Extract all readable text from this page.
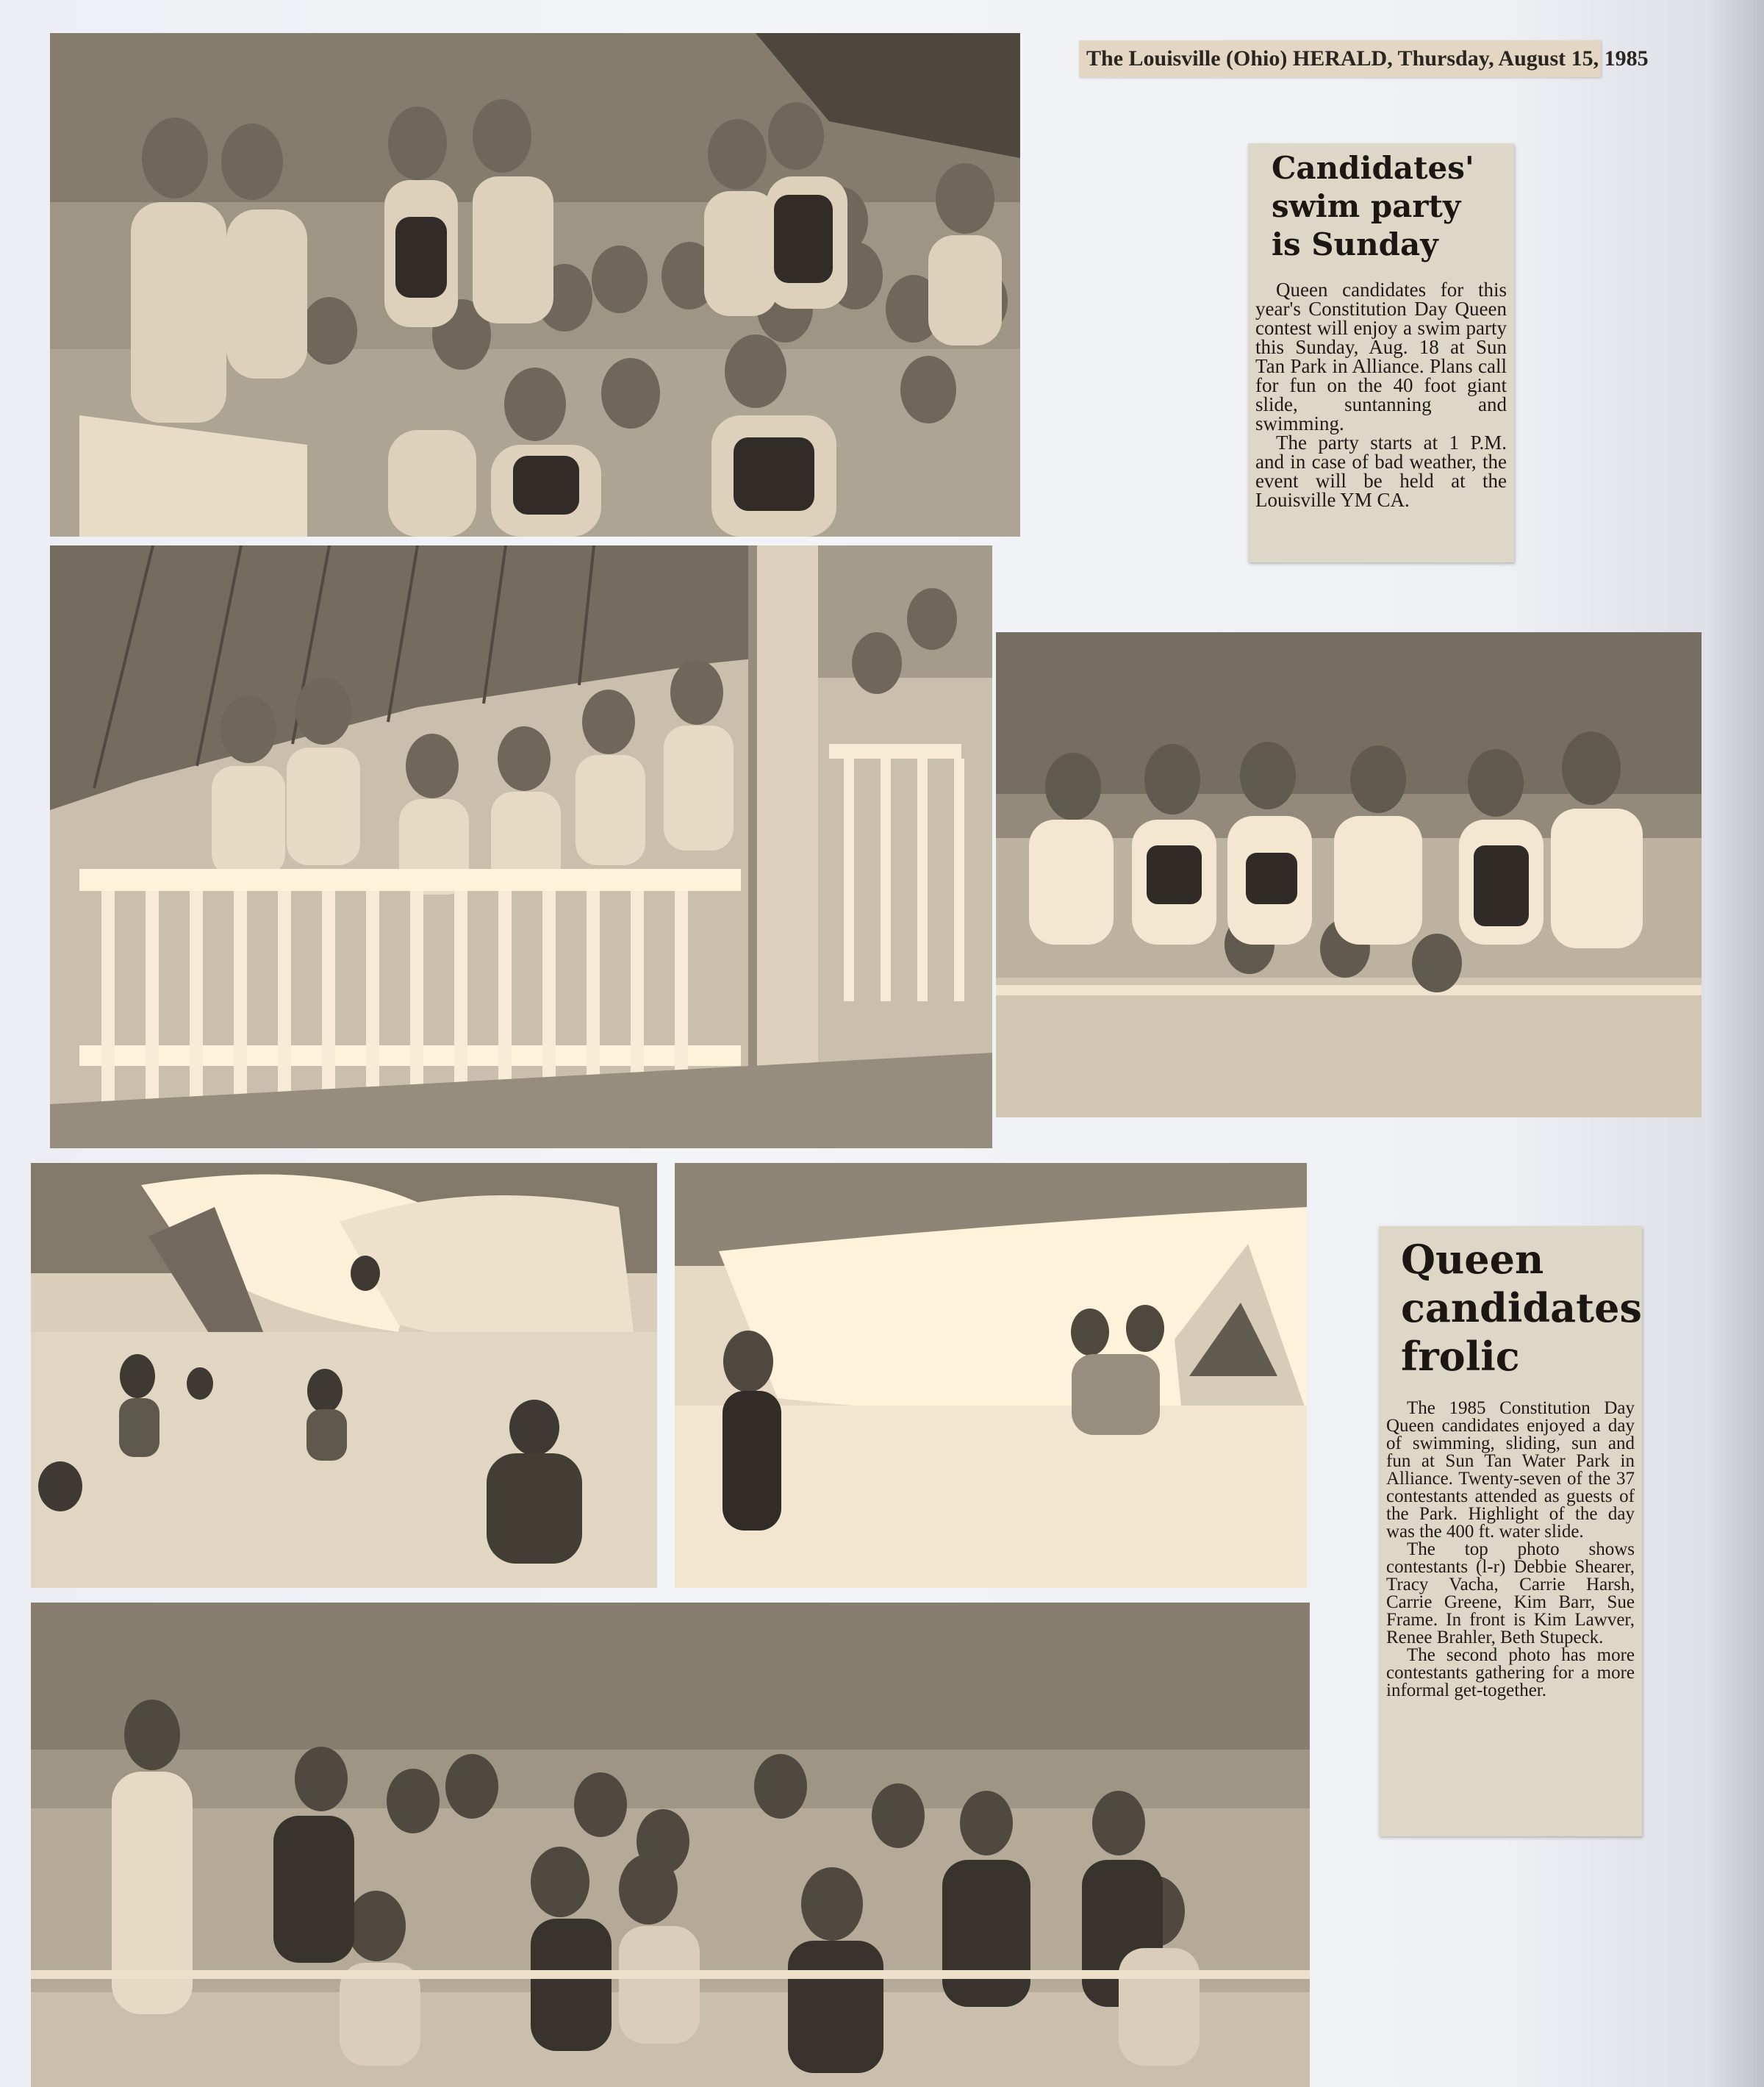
The Louisville (Ohio) HERALD, Thursday, August 15, 1985
Candidates'
swim party
is Sunday

Queen candidates for this year's Constitution Day Queen contest will enjoy a swim party this Sunday, Aug. 18 at Sun Tan Park in Alliance. Plans call for fun on the 40 foot giant slide, suntanning and swimming.

The party starts at 1 P.M. and in case of bad weather, the event will be held at the Louisville YM CA.

Queen
candidates
frolic

The 1985 Constitution Day Queen candidates enjoyed a day of swimming, sliding, sun and fun at Sun Tan Water Park in Alliance. Twenty-seven of the 37 contestants attended as guests of the Park. Highlight of the day was the 400 ft. water slide.

The top photo shows contestants (l-r) Debbie Shearer, Tracy Vacha, Carrie Harsh, Carrie Greene, Kim Barr, Sue Frame. In front is Kim Lawver, Renee Brahler, Beth Stupeck.

The second photo has more contestants gathering for a more informal get-together.
